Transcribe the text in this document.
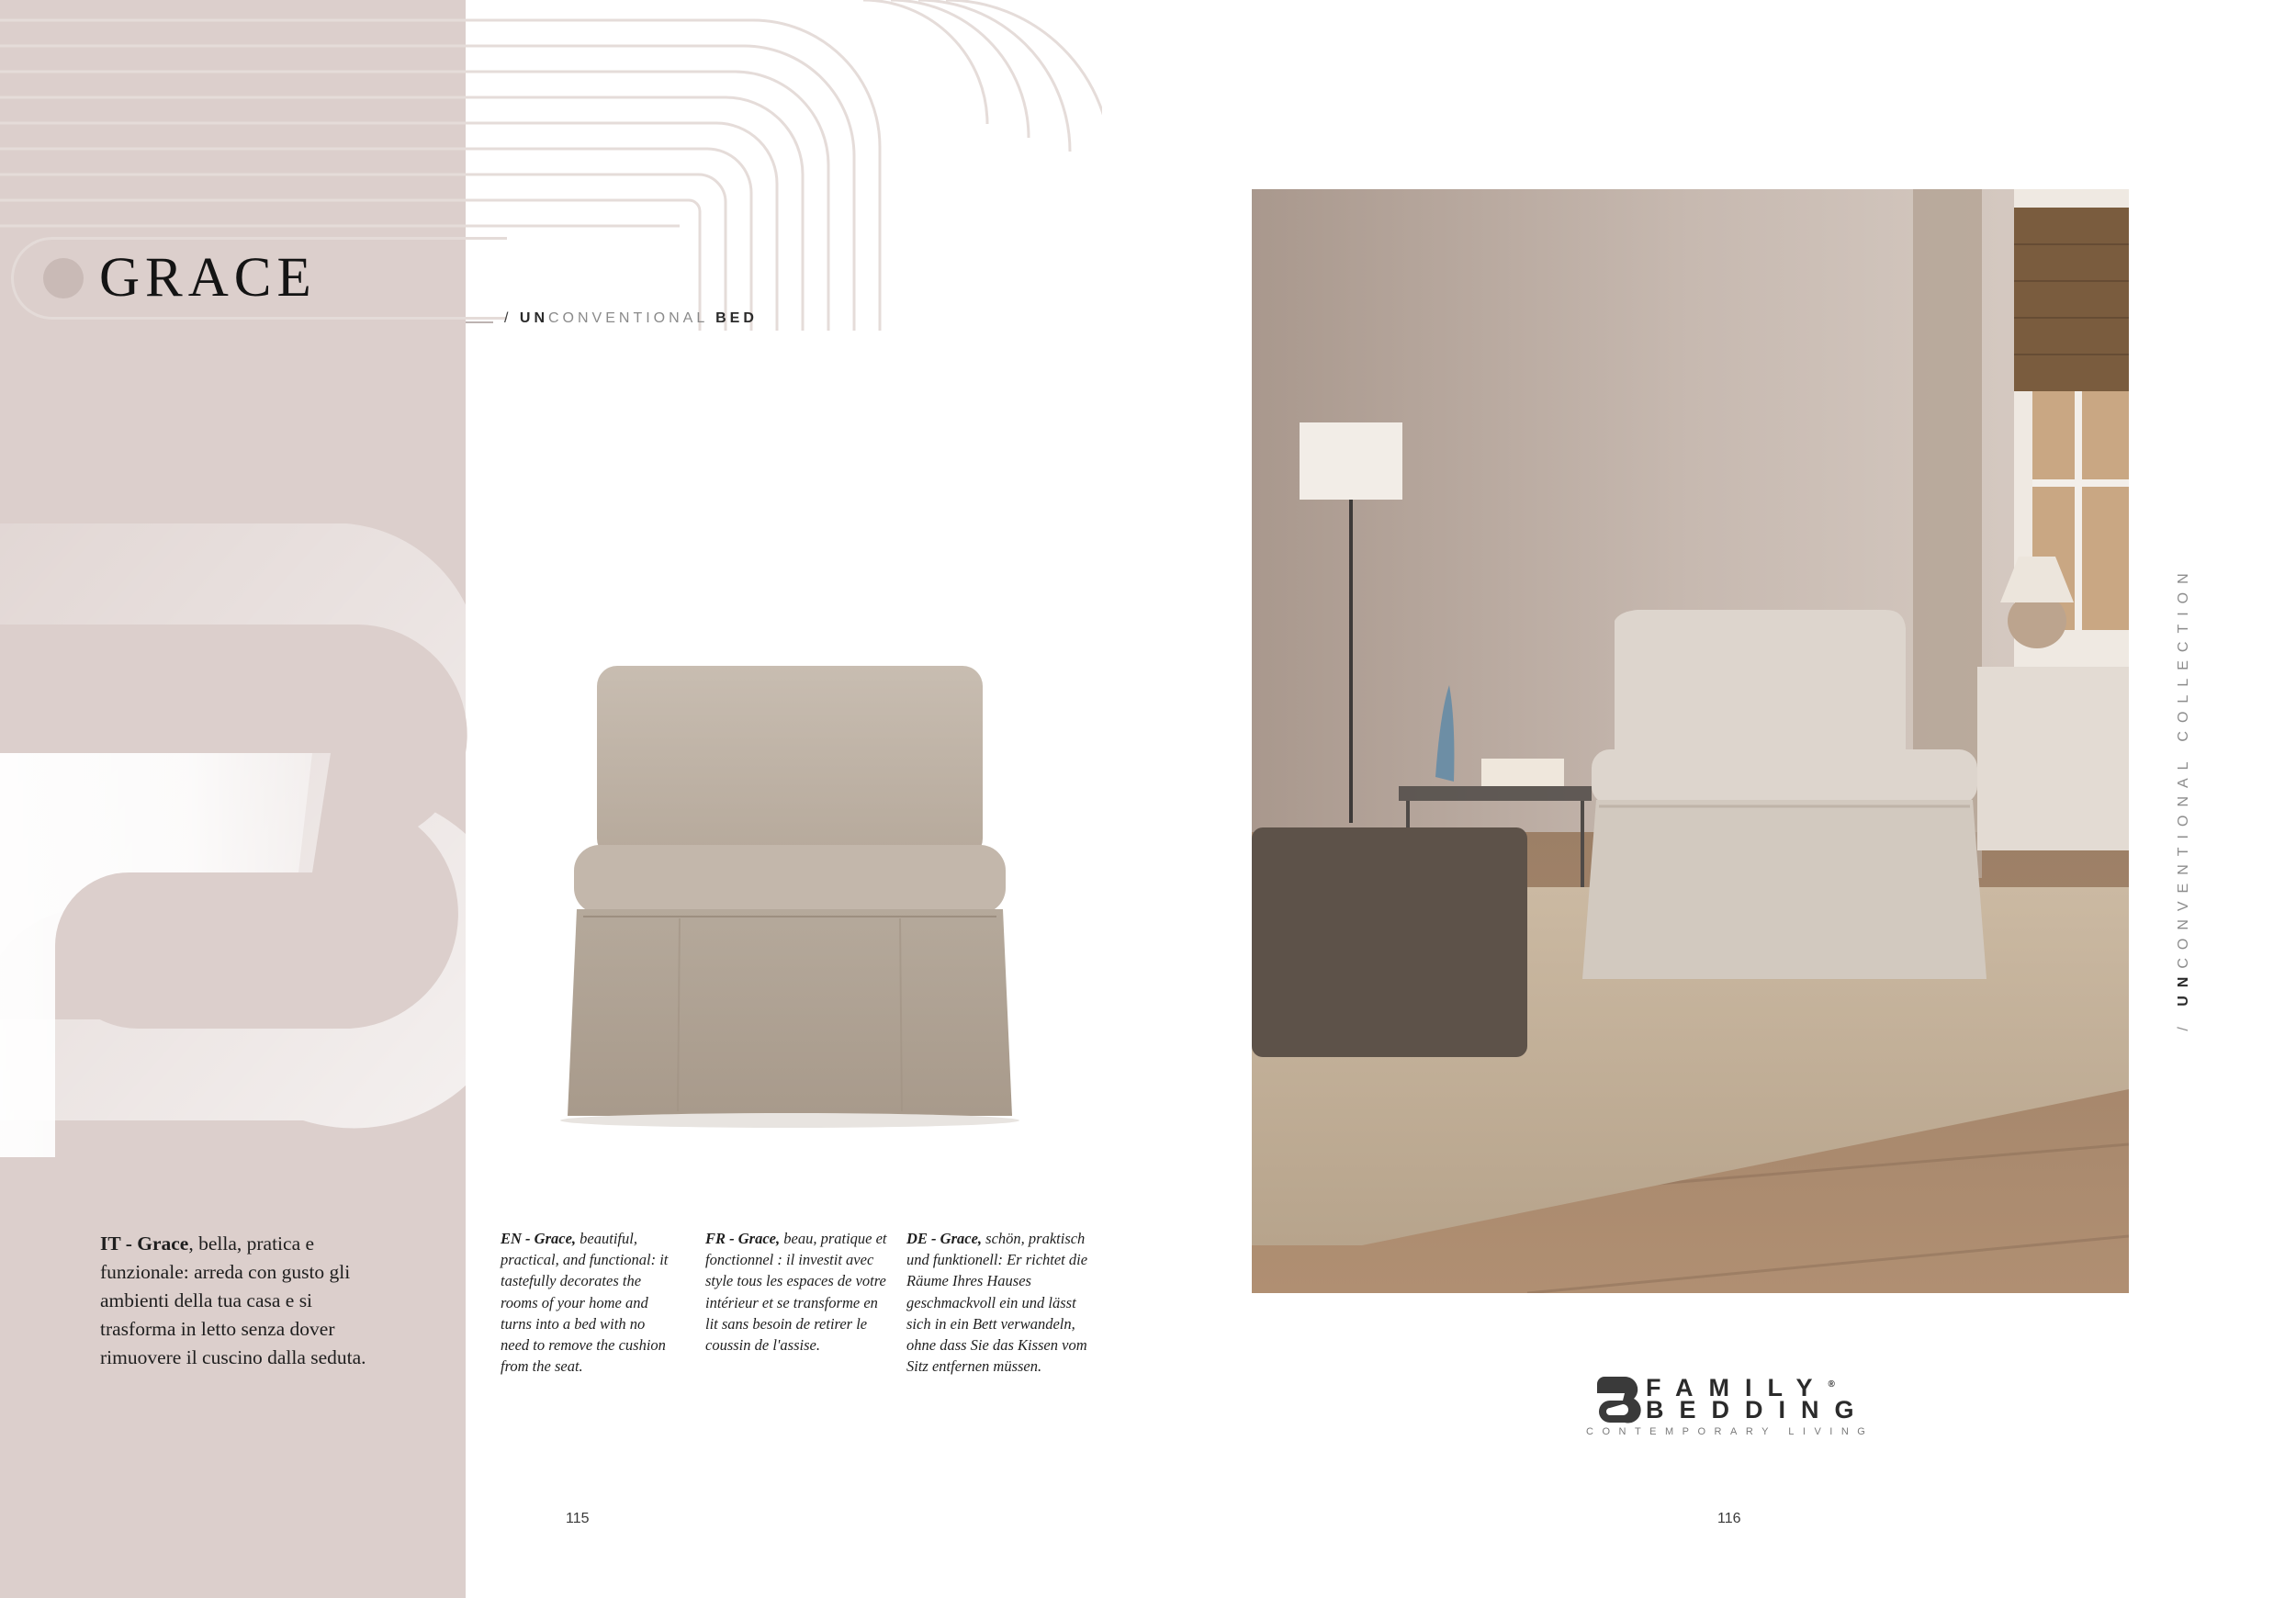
GRACE
/ UNCONVENTIONAL BED
IT - Grace, bella, pratica e funzionale: arreda con gusto gli ambienti della tua casa e si trasforma in letto senza dover rimuovere il cuscino dalla seduta.
EN - Grace, beautiful, practical, and functional: it tastefully decorates the rooms of your home and turns into a bed with no need to remove the cushion from the seat.
FR - Grace, beau, pratique et fonctionnel : il investit avec style tous les espaces de votre intérieur et se transforme en lit sans besoin de retirer le coussin de l'assise.
DE - Grace, schön, praktisch und funktionell: Er richtet die Räume Ihres Hauses geschmackvoll ein und lässt sich in ein Bett verwandeln, ohne dass Sie das Kissen vom Sitz entfernen müssen.
/ UNCONVENTIONAL COLLECTION
FAMILY®
BEDDING
CONTEMPORARY LIVING
115	116
